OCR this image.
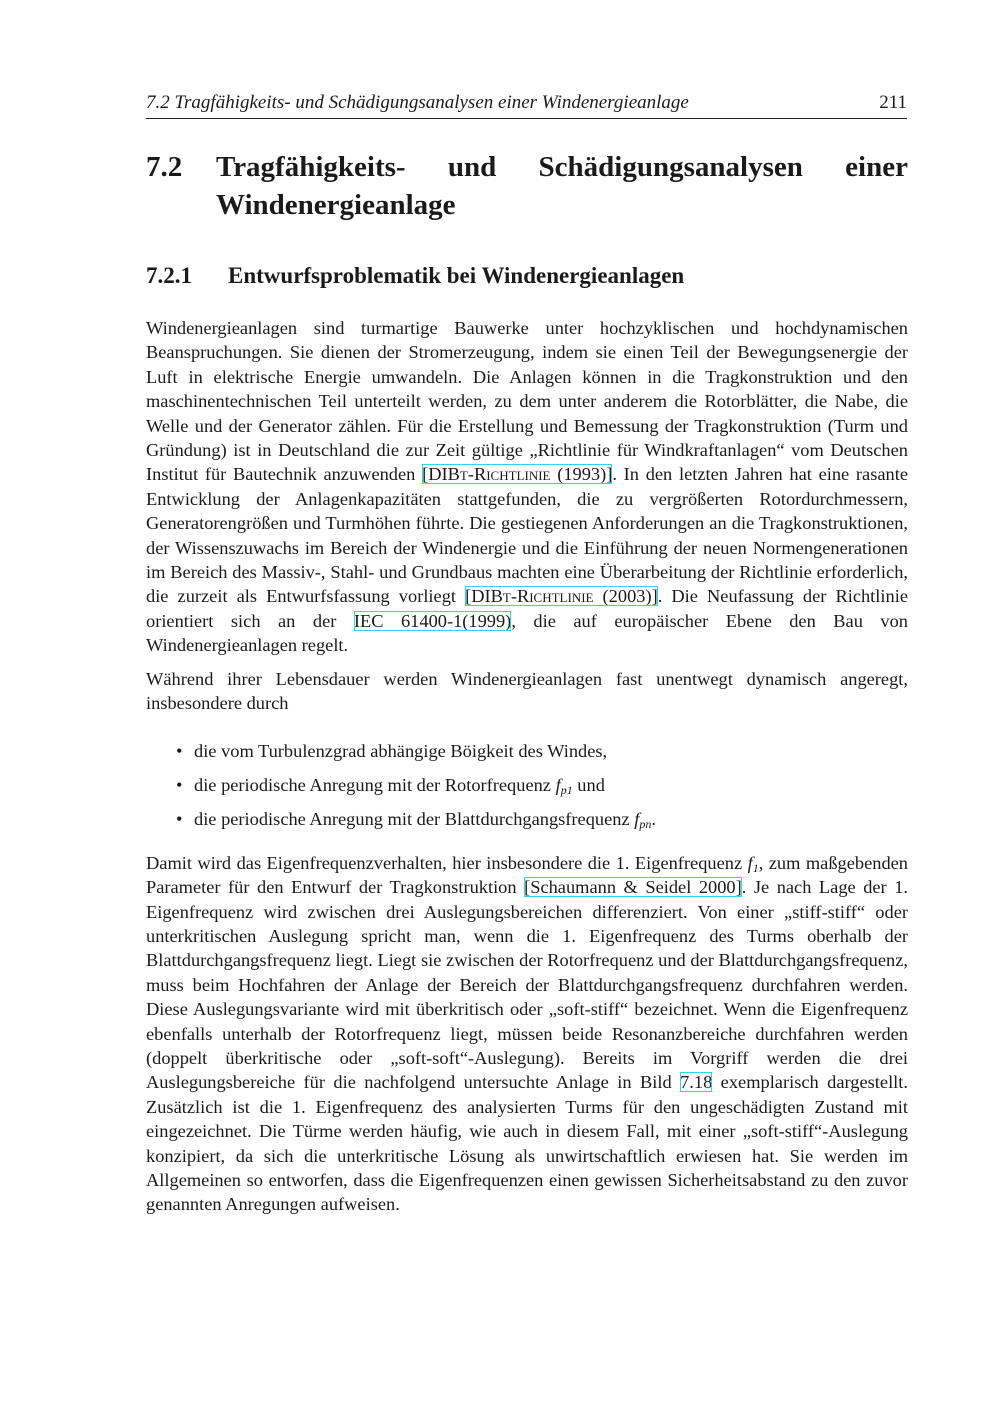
7.2 Tragfähigkeits- und Schädigungsanalysen einer Windenergieanlage	211
7.2	Tragfähigkeits- und Schädigungsanalysen einer
Windenergieanlage
7.2.1	Entwurfsproblematik bei Windenergieanlagen

Windenergieanlagen sind turmartige Bauwerke unter hochzyklischen und hochdynamischen Beanspruchungen. Sie dienen der Stromerzeugung, indem sie einen Teil der Bewegungsenergie der Luft in elektrische Energie umwandeln. Die Anlagen können in die Tragkonstruktion und den maschinentechnischen Teil unterteilt werden, zu dem unter anderem die Rotorblätter, die Nabe, die Welle und der Generator zählen. Für die Erstellung und Bemessung der Tragkonstruktion (Turm und Gründung) ist in Deutschland die zur Zeit gültige „Richtlinie für Windkraftanlagen“ vom Deutschen Institut für Bautechnik anzuwenden [DIBt-Richtlinie (1993)]. In den letzten Jahren hat eine rasante Entwicklung der Anlagenkapazitäten stattgefunden, die zu vergrößerten Rotordurchmessern, Generatorengrößen und Turmhöhen führte. Die gestiegenen Anforderungen an die Tragkonstruktionen, der Wissenszuwachs im Bereich der Windenergie und die Einführung der neuen Normengenerationen im Bereich des Massiv-, Stahl- und Grundbaus machten eine Überarbeitung der Richtlinie erforderlich, die zurzeit als Entwurfsfassung vorliegt [DIBt-Richtlinie (2003)]. Die Neufassung der Richtlinie orientiert sich an der IEC 61400-1(1999), die auf europäischer Ebene den Bau von Windenergieanlagen regelt.

Während ihrer Lebensdauer werden Windenergieanlagen fast unentwegt dynamisch angeregt, insbesondere durch

• die vom Turbulenzgrad abhängige Böigkeit des Windes,
• die periodische Anregung mit der Rotorfrequenz $f_{p1}$ und
• die periodische Anregung mit der Blattdurchgangsfrequenz $f_{pn}$.

Damit wird das Eigenfrequenzverhalten, hier insbesondere die 1. Eigenfrequenz $f_1$, zum maßgebenden Parameter für den Entwurf der Tragkonstruktion [Schaumann & Seidel 2000]. Je nach Lage der 1. Eigenfrequenz wird zwischen drei Auslegungsbereichen differenziert. Von einer „stiff-stiff“ oder unterkritischen Auslegung spricht man, wenn die 1. Eigenfrequenz des Turms oberhalb der Blattdurchgangsfrequenz liegt. Liegt sie zwischen der Rotorfrequenz und der Blattdurchgangsfrequenz, muss beim Hochfahren der Anlage der Bereich der Blattdurchgangsfrequenz durchfahren werden. Diese Auslegungsvariante wird mit überkritisch oder „soft-stiff“ bezeichnet. Wenn die Eigenfrequenz ebenfalls unterhalb der Rotorfrequenz liegt, müssen beide Resonanzbereiche durchfahren werden (doppelt überkritische oder „soft-soft“-Auslegung). Bereits im Vorgriff werden die drei Auslegungsbereiche für die nachfolgend untersuchte Anlage in Bild 7.18 exemplarisch dargestellt. Zusätzlich ist die 1. Eigenfrequenz des analysierten Turms für den ungeschädigten Zustand mit eingezeichnet. Die Türme werden häufig, wie auch in diesem Fall, mit einer „soft-stiff“-Auslegung konzipiert, da sich die unterkritische Lösung als unwirtschaftlich erwiesen hat. Sie werden im Allgemeinen so entworfen, dass die Eigenfrequenzen einen gewissen Sicherheitsabstand zu den zuvor genannten Anregungen aufweisen.
